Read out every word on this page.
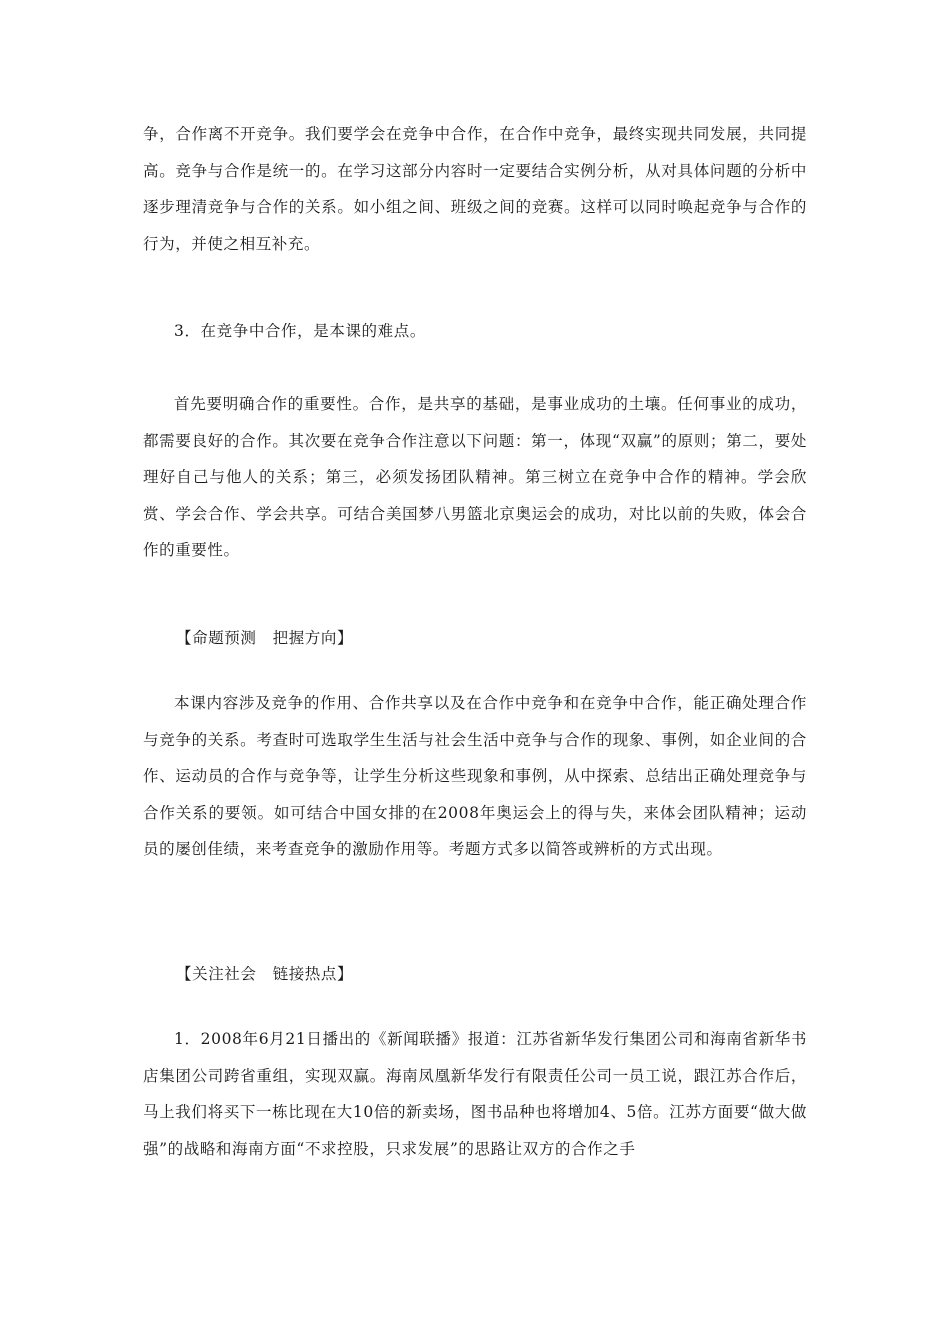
争，合作离不开竞争。我们要学会在竞争中合作，在合作中竞争，最终实现共同发展，共同提高。竞争与合作是统一的。在学习这部分内容时一定要结合实例分析，从对具体问题的分析中逐步理清竞争与合作的关系。如小组之间、班级之间的竞赛。这样可以同时唤起竞争与合作的行为，并使之相互补充。

3．在竞争中合作，是本课的难点。

首先要明确合作的重要性。合作，是共享的基础，是事业成功的土壤。任何事业的成功，都需要良好的合作。其次要在竞争合作注意以下问题：第一，体现“双赢”的原则；第二，要处理好自己与他人的关系；第三，必须发扬团队精神。第三树立在竞争中合作的精神。学会欣赏、学会合作、学会共享。可结合美国梦八男篮北京奥运会的成功，对比以前的失败，体会合作的重要性。

【命题预测　把握方向】

本课内容涉及竞争的作用、合作共享以及在合作中竞争和在竞争中合作，能正确处理合作与竞争的关系。考查时可选取学生生活与社会生活中竞争与合作的现象、事例，如企业间的合作、运动员的合作与竞争等，让学生分析这些现象和事例，从中探索、总结出正确处理竞争与合作关系的要领。如可结合中国女排的在2008年奥运会上的得与失，来体会团队精神；运动员的屡创佳绩，来考查竞争的激励作用等。考题方式多以简答或辨析的方式出现。

【关注社会　链接热点】

1．2008年6月21日播出的《新闻联播》报道：江苏省新华发行集团公司和海南省新华书店集团公司跨省重组，实现双赢。海南凤凰新华发行有限责任公司一员工说，跟江苏合作后，马上我们将买下一栋比现在大10倍的新卖场，图书品种也将增加4、5倍。江苏方面要“做大做强”的战略和海南方面“不求控股，只求发展”的思路让双方的合作之手
